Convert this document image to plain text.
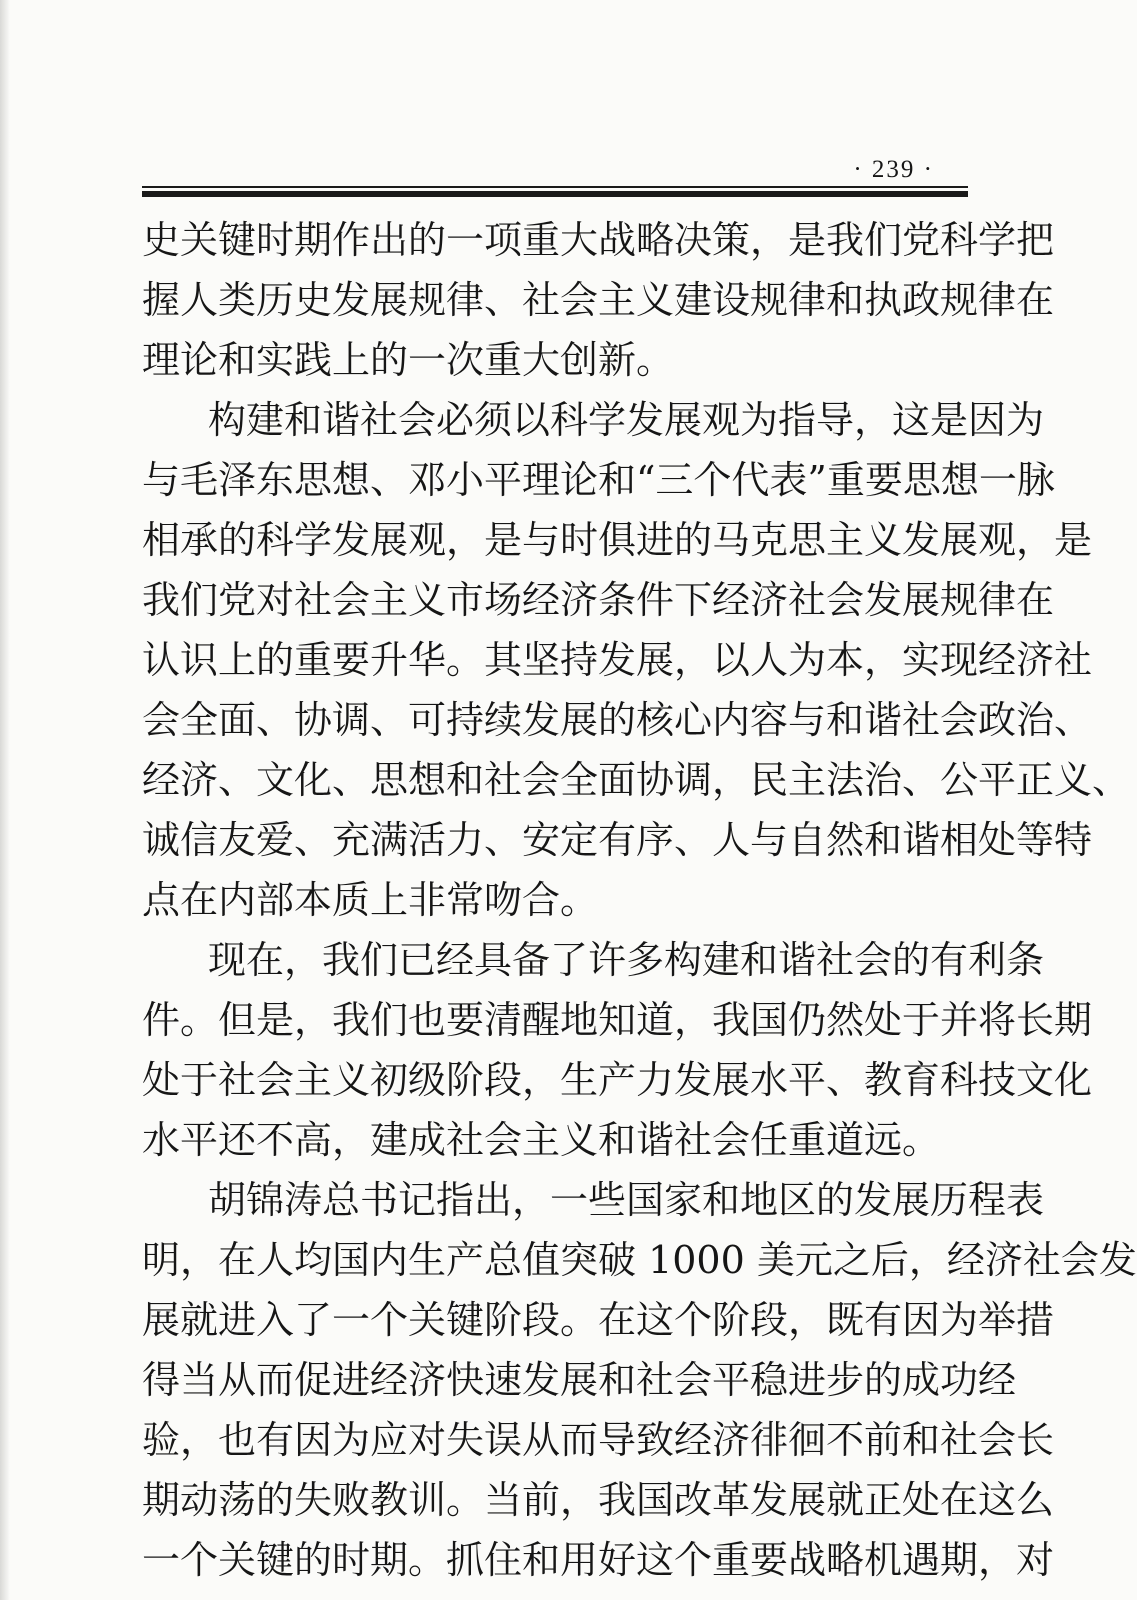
· 239 ·
史关键时期作出的一项重大战略决策，是我们党科学把
握人类历史发展规律、社会主义建设规律和执政规律在
理论和实践上的一次重大创新。
构建和谐社会必须以科学发展观为指导，这是因为
与毛泽东思想、邓小平理论和“三个代表”重要思想一脉
相承的科学发展观，是与时俱进的马克思主义发展观，是
我们党对社会主义市场经济条件下经济社会发展规律在
认识上的重要升华。其坚持发展，以人为本，实现经济社
会全面、协调、可持续发展的核心内容与和谐社会政治、
经济、文化、思想和社会全面协调，民主法治、公平正义、
诚信友爱、充满活力、安定有序、人与自然和谐相处等特
点在内部本质上非常吻合。
现在，我们已经具备了许多构建和谐社会的有利条
件。但是，我们也要清醒地知道，我国仍然处于并将长期
处于社会主义初级阶段，生产力发展水平、教育科技文化
水平还不高，建成社会主义和谐社会任重道远。
胡锦涛总书记指出，一些国家和地区的发展历程表
明，在人均国内生产总值突破 1000 美元之后，经济社会发
展就进入了一个关键阶段。在这个阶段，既有因为举措
得当从而促进经济快速发展和社会平稳进步的成功经
验，也有因为应对失误从而导致经济徘徊不前和社会长
期动荡的失败教训。当前，我国改革发展就正处在这么
一个关键的时期。抓住和用好这个重要战略机遇期，对
